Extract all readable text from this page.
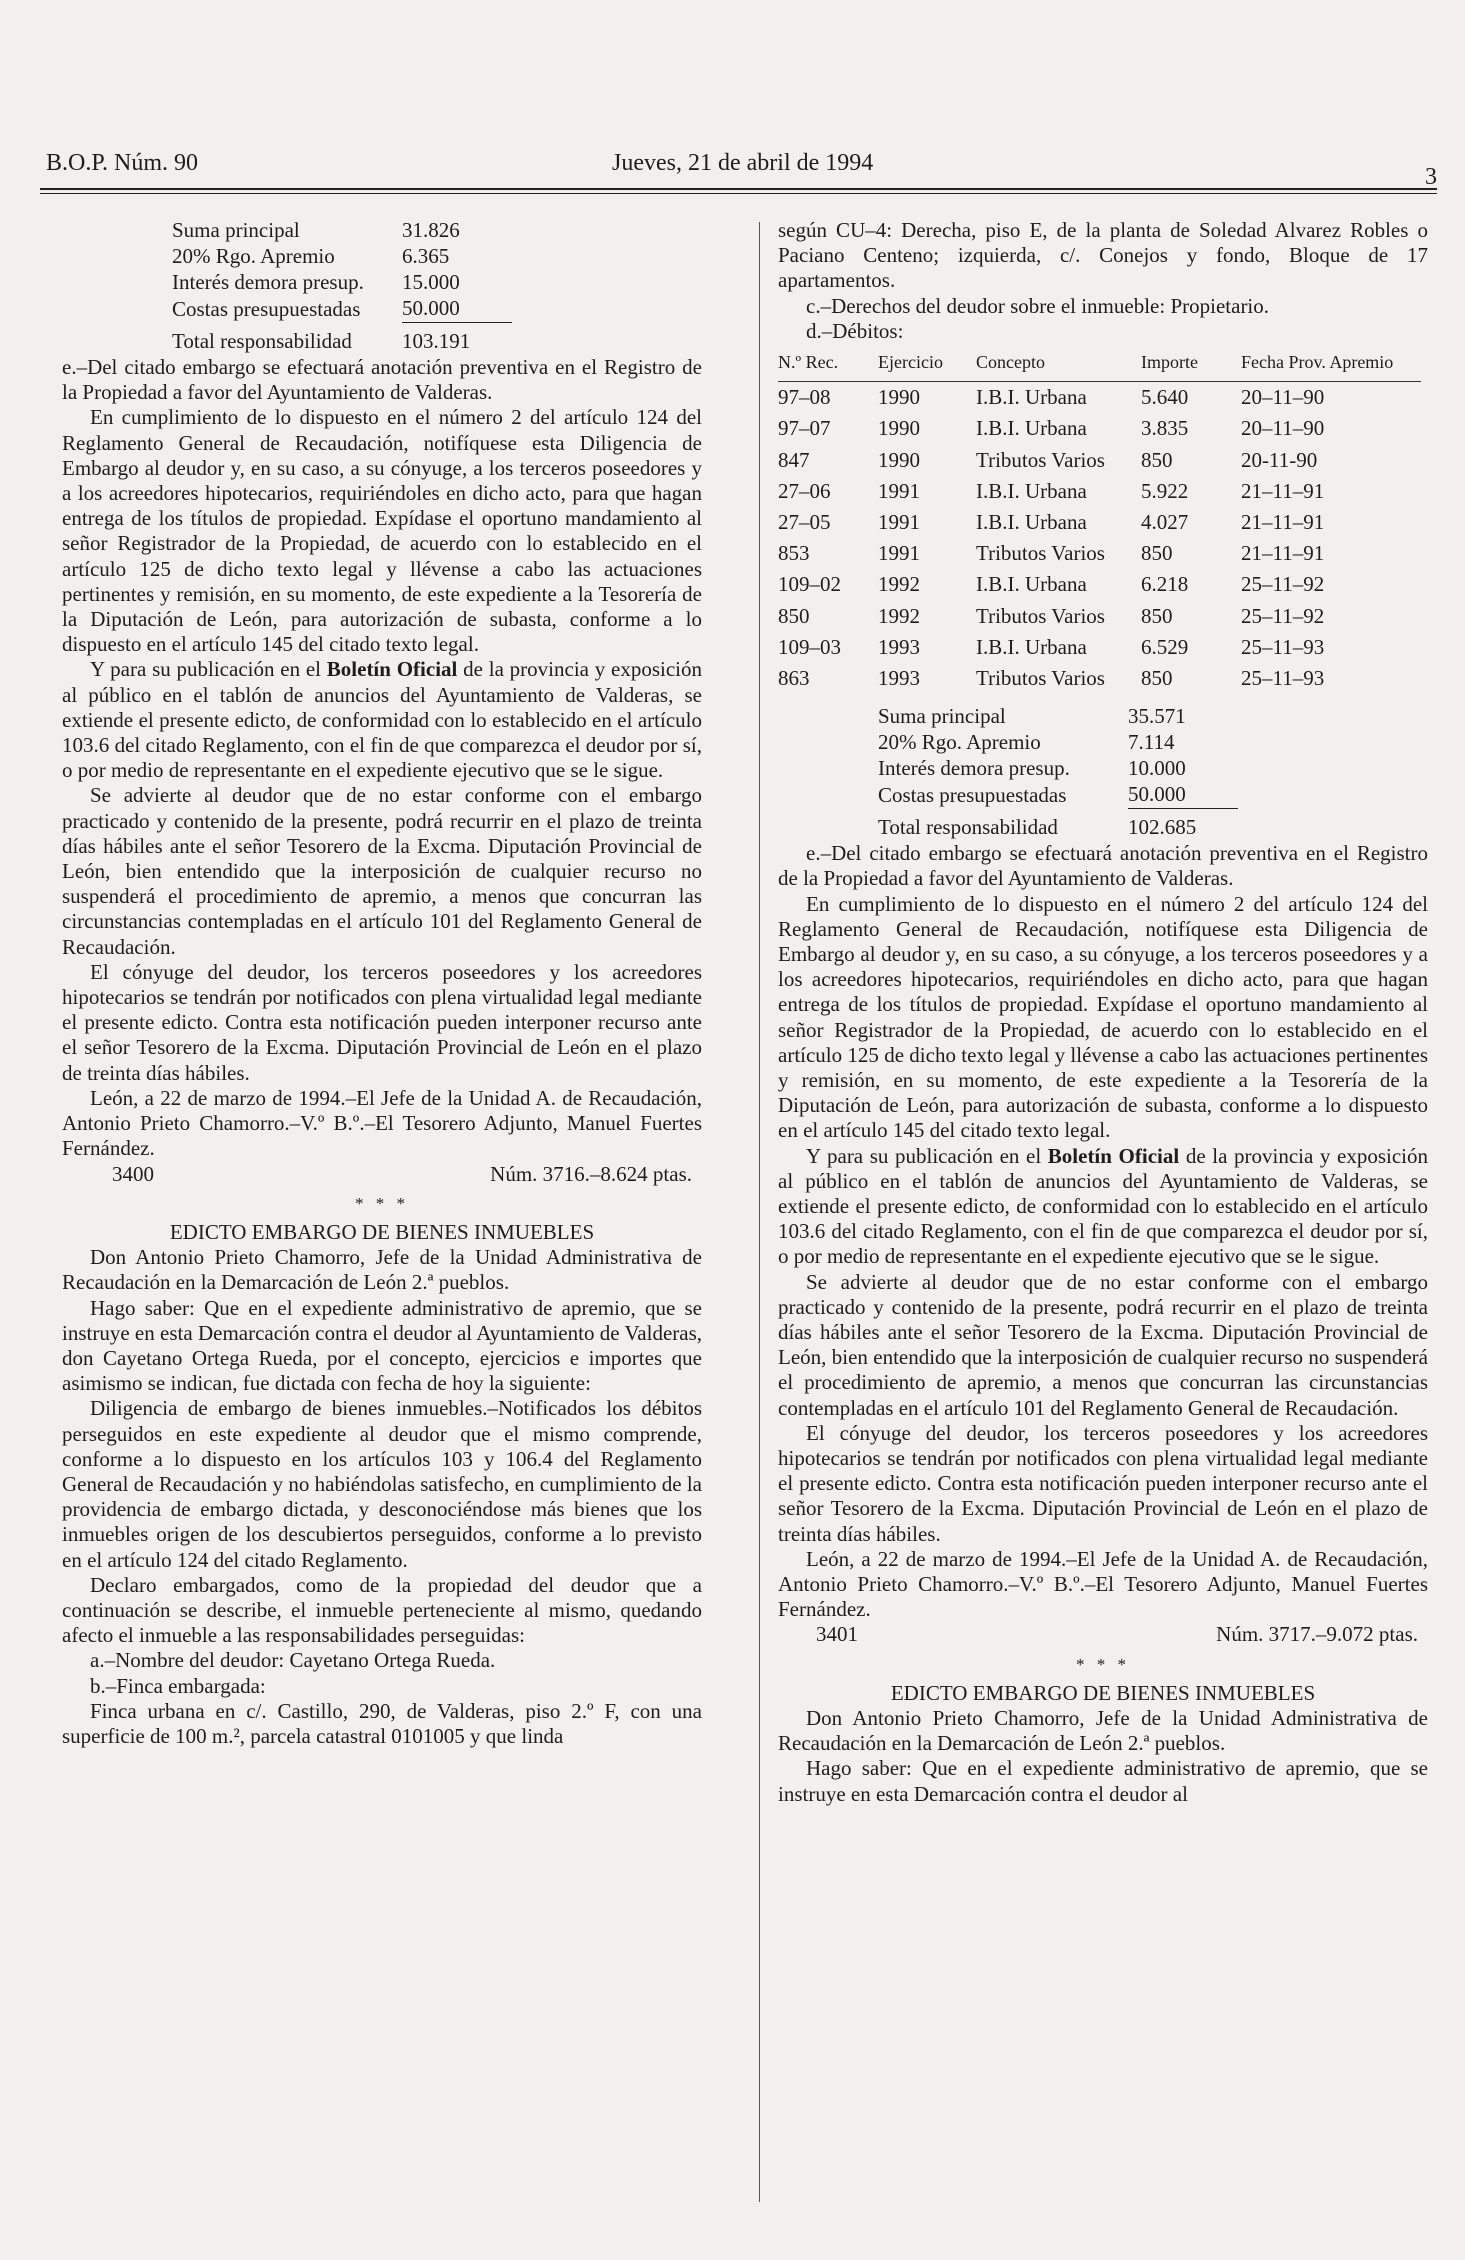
B.O.P. Núm. 90	Jueves, 21 de abril de 1994
3
Suma principal	31.826
20% Rgo. Apremio	6.365
Interés demora presup.	15.000
Costas presupuestadas	50.000
Total responsabilidad	103.191

e.–Del citado embargo se efectuará anotación preventiva en el Registro de la Propiedad a favor del Ayuntamiento de Valderas.

En cumplimiento de lo dispuesto en el número 2 del artículo 124 del Reglamento General de Recaudación, notifíquese esta Diligencia de Embargo al deudor y, en su caso, a su cónyuge, a los terceros poseedores y a los acreedores hipotecarios, requiriéndoles en dicho acto, para que hagan entrega de los títulos de propiedad. Expídase el oportuno mandamiento al señor Registrador de la Propiedad, de acuerdo con lo establecido en el artículo 125 de dicho texto legal y llévense a cabo las actuaciones pertinentes y remisión, en su momento, de este expediente a la Tesorería de la Diputación de León, para autorización de subasta, conforme a lo dispuesto en el artículo 145 del citado texto legal.

Y para su publicación en el Boletín Oficial de la provincia y exposición al público en el tablón de anuncios del Ayuntamiento de Valderas, se extiende el presente edicto, de conformidad con lo establecido en el artículo 103.6 del citado Reglamento, con el fin de que comparezca el deudor por sí, o por medio de representante en el expediente ejecutivo que se le sigue.

Se advierte al deudor que de no estar conforme con el embargo practicado y contenido de la presente, podrá recurrir en el plazo de treinta días hábiles ante el señor Tesorero de la Excma. Diputación Provincial de León, bien entendido que la interposición de cualquier recurso no suspenderá el procedimiento de apremio, a menos que concurran las circunstancias contempladas en el artículo 101 del Reglamento General de Recaudación.

El cónyuge del deudor, los terceros poseedores y los acreedores hipotecarios se tendrán por notificados con plena virtualidad legal mediante el presente edicto. Contra esta notificación pueden interponer recurso ante el señor Tesorero de la Excma. Diputación Provincial de León en el plazo de treinta días hábiles.

León, a 22 de marzo de 1994.–El Jefe de la Unidad A. de Recaudación, Antonio Prieto Chamorro.–V.º B.º.–El Tesorero Adjunto, Manuel Fuertes Fernández.

3400	Núm. 3716.–8.624 ptas.
* * *

EDICTO EMBARGO DE BIENES INMUEBLES

Don Antonio Prieto Chamorro, Jefe de la Unidad Administrativa de Recaudación en la Demarcación de León 2.ª pueblos.

Hago saber: Que en el expediente administrativo de apremio, que se instruye en esta Demarcación contra el deudor al Ayuntamiento de Valderas, don Cayetano Ortega Rueda, por el concepto, ejercicios e importes que asimismo se indican, fue dictada con fecha de hoy la siguiente:

Diligencia de embargo de bienes inmuebles.–Notificados los débitos perseguidos en este expediente al deudor que el mismo comprende, conforme a lo dispuesto en los artículos 103 y 106.4 del Reglamento General de Recaudación y no habiéndolas satisfecho, en cumplimiento de la providencia de embargo dictada, y desconociéndose más bienes que los inmuebles origen de los descubiertos perseguidos, conforme a lo previsto en el artículo 124 del citado Reglamento.

Declaro embargados, como de la propiedad del deudor que a continuación se describe, el inmueble perteneciente al mismo, quedando afecto el inmueble a las responsabilidades perseguidas:

a.–Nombre del deudor: Cayetano Ortega Rueda.

b.–Finca embargada:

Finca urbana en c/. Castillo, 290, de Valderas, piso 2.º F, con una superficie de 100 m.², parcela catastral 0101005 y que linda

según CU–4: Derecha, piso E, de la planta de Soledad Alvarez Robles o Paciano Centeno; izquierda, c/. Conejos y fondo, Bloque de 17 apartamentos.

c.–Derechos del deudor sobre el inmueble: Propietario.

d.–Débitos:

N.º Rec.	Ejercicio	Concepto	Importe	Fecha Prov. Apremio
97–08	1990	I.B.I. Urbana	5.640	20–11–90
97–07	1990	I.B.I. Urbana	3.835	20–11–90
847	1990	Tributos Varios	850	20-11-90
27–06	1991	I.B.I. Urbana	5.922	21–11–91
27–05	1991	I.B.I. Urbana	4.027	21–11–91
853	1991	Tributos Varios	850	21–11–91
109–02	1992	I.B.I. Urbana	6.218	25–11–92
850	1992	Tributos Varios	850	25–11–92
109–03	1993	I.B.I. Urbana	6.529	25–11–93
863	1993	Tributos Varios	850	25–11–93
Suma principal	35.571
20% Rgo. Apremio	7.114
Interés demora presup.	10.000
Costas presupuestadas	50.000
Total responsabilidad	102.685

e.–Del citado embargo se efectuará anotación preventiva en el Registro de la Propiedad a favor del Ayuntamiento de Valderas.

En cumplimiento de lo dispuesto en el número 2 del artículo 124 del Reglamento General de Recaudación, notifíquese esta Diligencia de Embargo al deudor y, en su caso, a su cónyuge, a los terceros poseedores y a los acreedores hipotecarios, requiriéndoles en dicho acto, para que hagan entrega de los títulos de propiedad. Expídase el oportuno mandamiento al señor Registrador de la Propiedad, de acuerdo con lo establecido en el artículo 125 de dicho texto legal y llévense a cabo las actuaciones pertinentes y remisión, en su momento, de este expediente a la Tesorería de la Diputación de León, para autorización de subasta, conforme a lo dispuesto en el artículo 145 del citado texto legal.

Y para su publicación en el Boletín Oficial de la provincia y exposición al público en el tablón de anuncios del Ayuntamiento de Valderas, se extiende el presente edicto, de conformidad con lo establecido en el artículo 103.6 del citado Reglamento, con el fin de que comparezca el deudor por sí, o por medio de representante en el expediente ejecutivo que se le sigue.

Se advierte al deudor que de no estar conforme con el embargo practicado y contenido de la presente, podrá recurrir en el plazo de treinta días hábiles ante el señor Tesorero de la Excma. Diputación Provincial de León, bien entendido que la interposición de cualquier recurso no suspenderá el procedimiento de apremio, a menos que concurran las circunstancias contempladas en el artículo 101 del Reglamento General de Recaudación.

El cónyuge del deudor, los terceros poseedores y los acreedores hipotecarios se tendrán por notificados con plena virtualidad legal mediante el presente edicto. Contra esta notificación pueden interponer recurso ante el señor Tesorero de la Excma. Diputación Provincial de León en el plazo de treinta días hábiles.

León, a 22 de marzo de 1994.–El Jefe de la Unidad A. de Recaudación, Antonio Prieto Chamorro.–V.º B.º.–El Tesorero Adjunto, Manuel Fuertes Fernández.

3401	Núm. 3717.–9.072 ptas.
* * *

EDICTO EMBARGO DE BIENES INMUEBLES

Don Antonio Prieto Chamorro, Jefe de la Unidad Administrativa de Recaudación en la Demarcación de León 2.ª pueblos.

Hago saber: Que en el expediente administrativo de apremio, que se instruye en esta Demarcación contra el deudor al
